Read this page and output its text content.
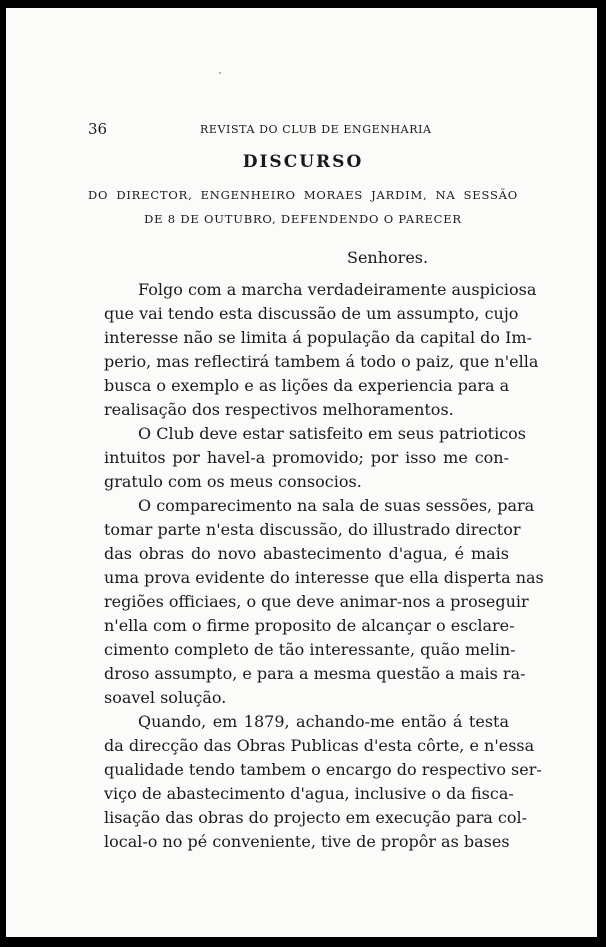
36	REVISTA DO CLUB DE ENGENHARIA
DISCURSO
DO DIRECTOR, ENGENHEIRO MORAES JARDIM, NA SESSÃO
DE 8 DE OUTUBRO, DEFENDENDO O PARECER
Senhores.
Folgo com a marcha verdadeiramente auspiciosa
que vai tendo esta discussão de um assumpto, cujo
interesse não se limita á população da capital do Im-
perio, mas reflectirá tambem á todo o paiz, que n'ella
busca o exemplo e as lições da experiencia para a
realisação dos respectivos melhoramentos.
O Club deve estar satisfeito em seus patrioticos
intuitos por havel-a promovido; por isso me con-
gratulo com os meus consocios.
O comparecimento na sala de suas sessões, para
tomar parte n'esta discussão, do illustrado director
das obras do novo abastecimento d'agua, é mais
uma prova evidente do interesse que ella disperta nas
regiões officiaes, o que deve animar-nos a proseguir
n'ella com o firme proposito de alcançar o esclare-
cimento completo de tão interessante, quão melin-
droso assumpto, e para a mesma questão a mais ra-
soavel solução.
Quando, em 1879, achando-me então á testa
da direcção das Obras Publicas d'esta côrte, e n'essa
qualidade tendo tambem o encargo do respectivo ser-
viço de abastecimento d'agua, inclusive o da fisca-
lisação das obras do projecto em execução para col-
local-o no pé conveniente, tive de propôr as bases
